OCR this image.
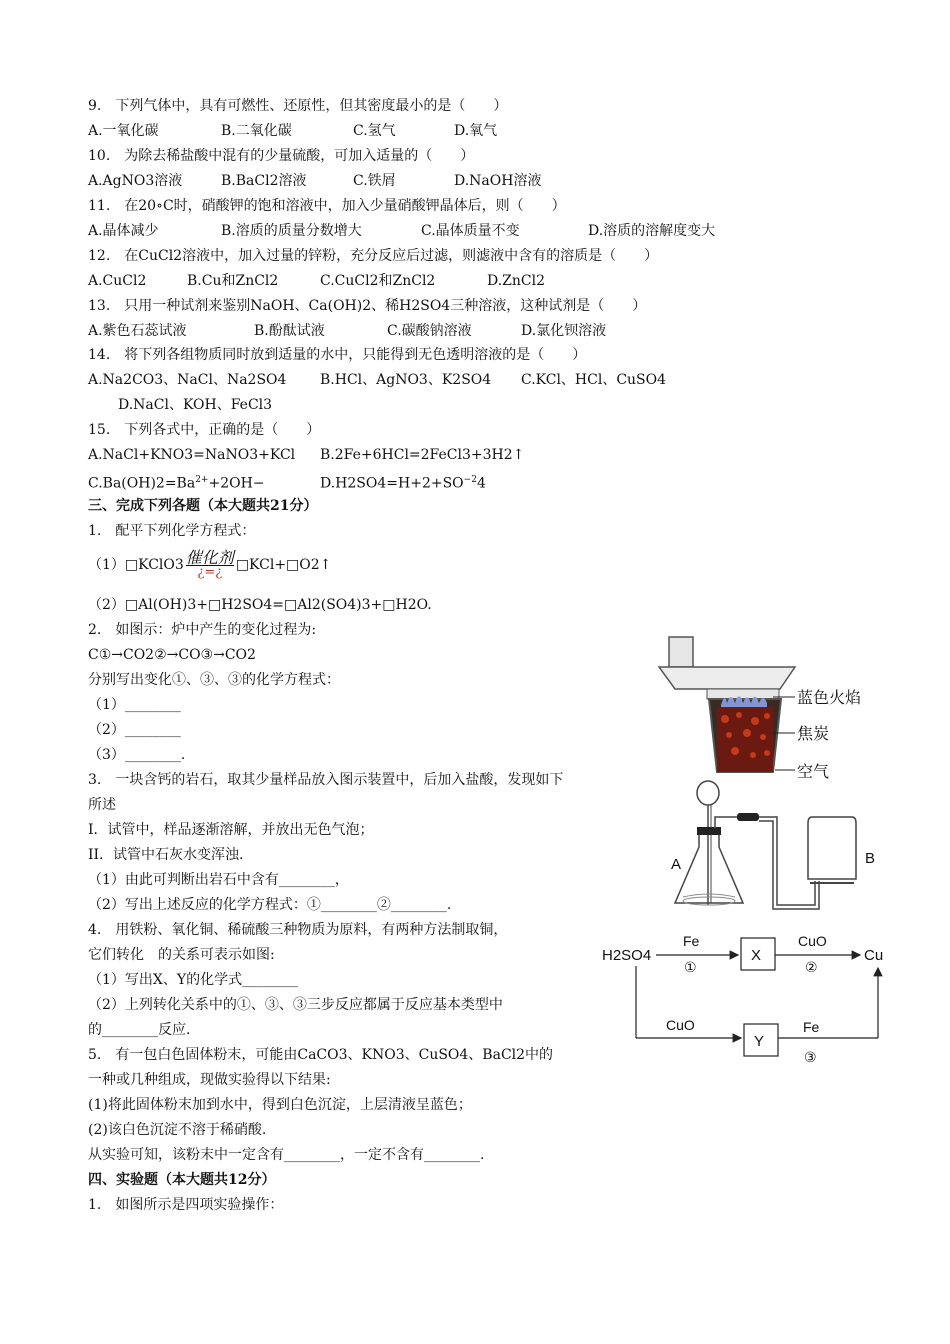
9.　下列气体中，具有可燃性、还原性，但其密度最小的是（　　）
A.一氧化碳	B.二氧化碳	C.氢气	D.氧气
10.　为除去稀盐酸中混有的少量硫酸，可加入适量的（　　）
A.AgNO3溶液	B.BaCl2溶液	C.铁屑	D.NaOH溶液
11.　在20∘C时，硝酸钾的饱和溶液中，加入少量硝酸钾晶体后，则（　　）
A.晶体减少	B.溶质的质量分数增大	C.晶体质量不变	D.溶质的溶解度变大
12.　在CuCl2溶液中，加入过量的锌粉，充分反应后过滤，则滤液中含有的溶质是（　　）
A.CuCl2	B.Cu和ZnCl2	C.CuCl2和ZnCl2	D.ZnCl2
13.　只用一种试剂来鉴别NaOH、Ca(OH)2、稀H2SO4三种溶液，这种试剂是（　　）
A.紫色石蕊试液	B.酚酞试液	C.碳酸钠溶液	D.氯化钡溶液
14.　将下列各组物质同时放到适量的水中，只能得到无色透明溶液的是（　　）
A.Na2CO3、NaCl、Na2SO4 B.HCl、AgNO3、K2SO4 C.KCl、HCl、CuSO4
D.NaCl、KOH、FeCl3
15.　下列各式中，正确的是（　　）
A.NaCl+KNO3=NaNO3+KCl B.2Fe+6HCl=2FeCl3+3H2↑
$C.Ba(OH)2=Ba^{2+}+2OH-$	$D.H2SO4=H+2+SO^{-2}4$
三、完成下列各题（本大题共21分）
1.　配平下列化学方程式：
（1）□KClO3 $\frac{\text{催化剂}}{¿=¿}$ □KCl+□O2↑
（2）□Al(OH)3+□H2SO4=□Al2(SO4)3+□H2O.
2.　如图示：炉中产生的变化过程为:
C①→CO2②→CO③→CO2
分别写出变化①、③、③的化学方程式：
（1）________
（2）________
（3）________.
3.　一块含钙的岩石，取其少量样品放入图示装置中，后加入盐酸，发现如下
所述
I．试管中，样品逐渐溶解，并放出无色气泡；
II．试管中石灰水变浑浊.
（1）由此可判断出岩石中含有________，
（2）写出上述反应的化学方程式：①________②________.
4.　用铁粉、氧化铜、稀硫酸三种物质为原料，有两种方法制取铜，
它们转化　的关系可表示如图:
（1）写出X、Y的化学式________
（2）上列转化关系中的①、③、③三步反应都属于反应基本类型中
的________反应.
5.　有一包白色固体粉末，可能由CaCO3、KNO3、CuSO4、BaCl2中的
一种或几种组成，现做实验得以下结果:
(1)将此固体粉末加到水中，得到白色沉淀，上层清液呈蓝色；
(2)该白色沉淀不溶于稀硝酸.
从实验可知，该粉末中一定含有________，一定不含有________.
四、实验题（本大题共12分）
1.　如图所示是四项实验操作：
蓝色火焰
焦炭
空气
A	B
H2SO4
Fe
①
X
CuO
②
Cu
CuO
Y
Fe
③
